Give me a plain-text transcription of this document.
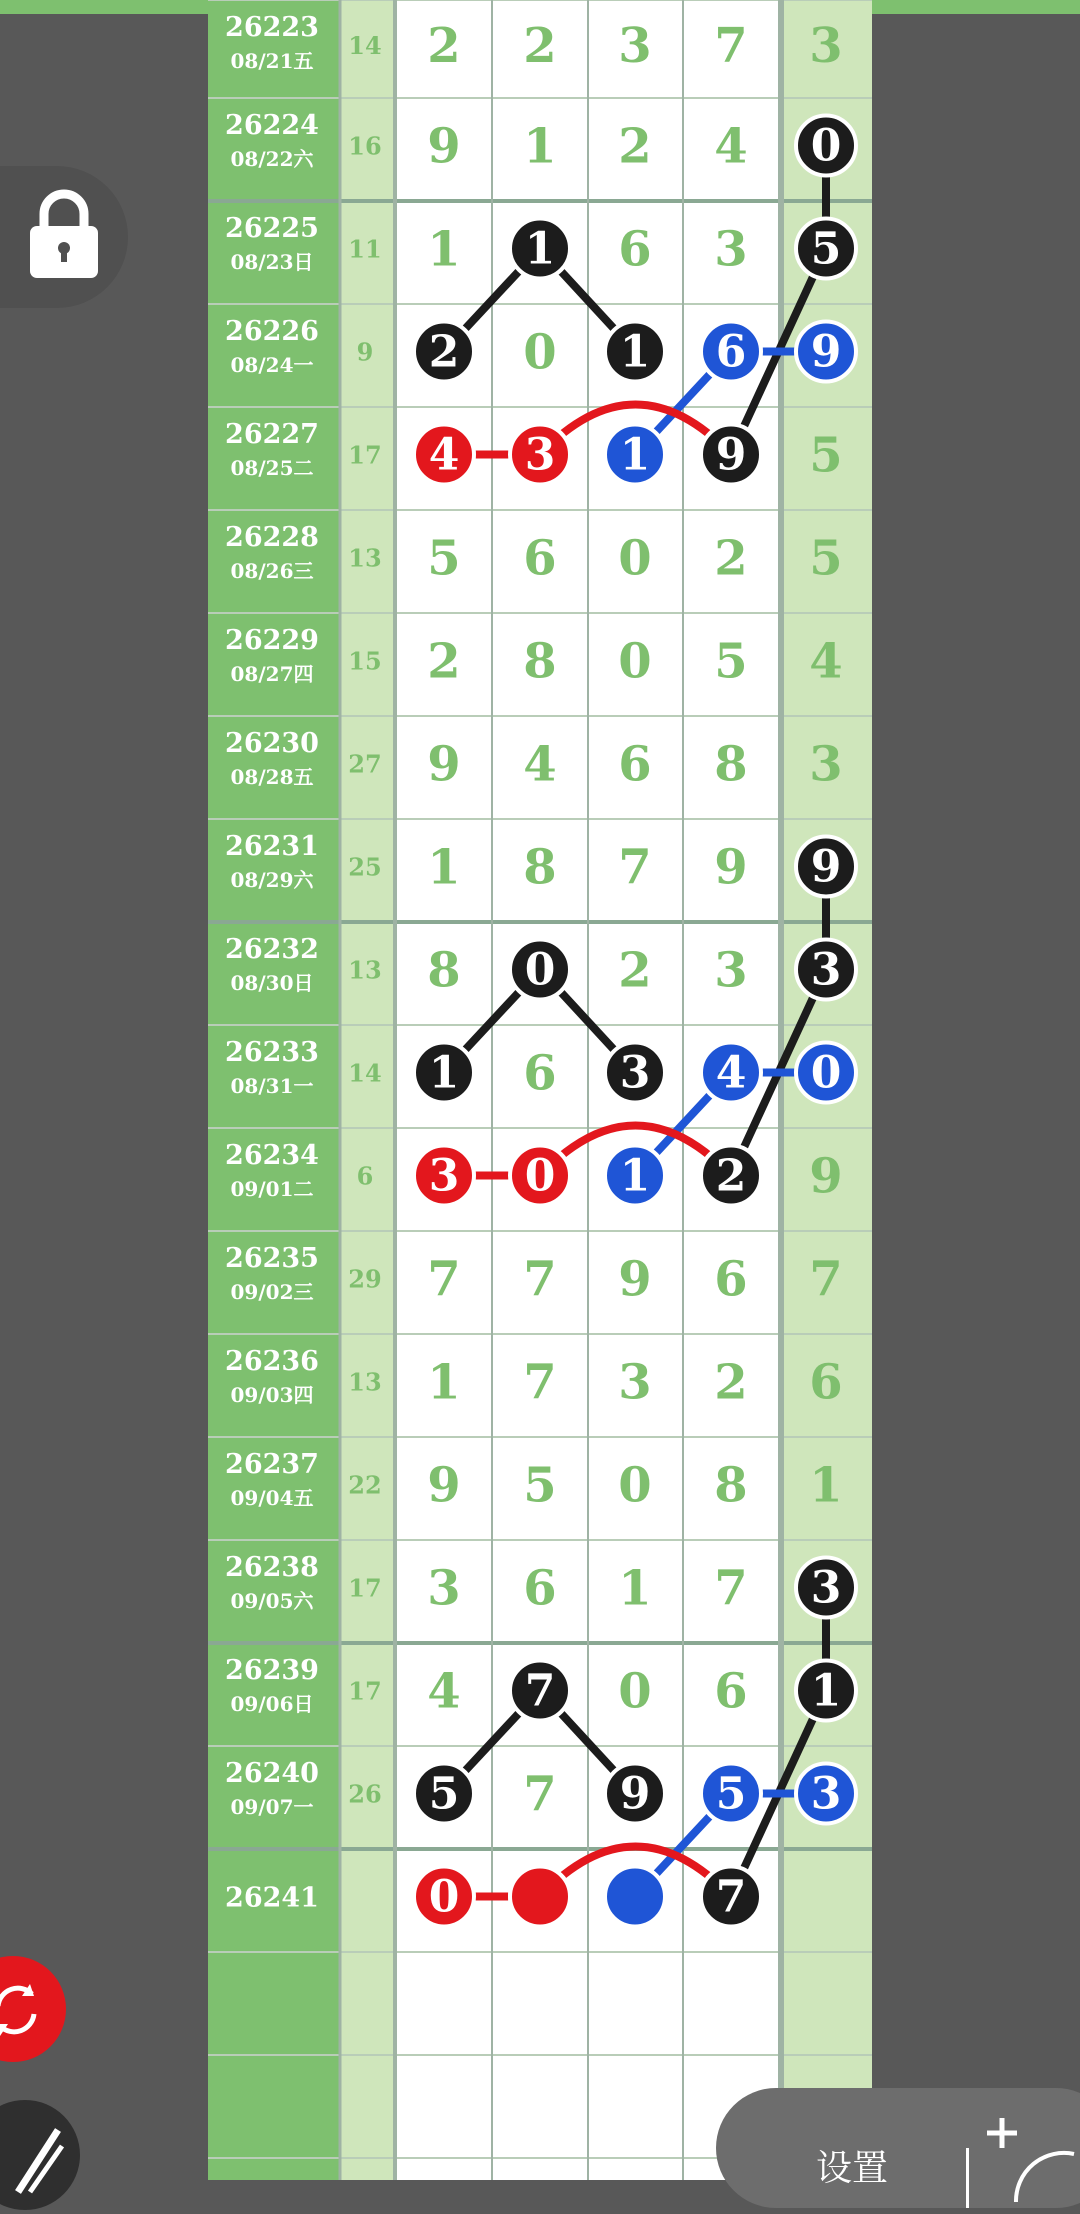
26223
08/21五
14 2 2 3 7 3
26224
08/22六 16 9 1 2 4 0
26225
08/23日 11 1 1 6 3 5
26226
08/24一 9 2 0 1 6 9
26227
08/25二 17 4 3 1 9 5
26228
08/26三 13 5 6 0 2 5
26229
08/27四 15 2 8 0 5 4
26230
08/28五 27 9 4 6 8 3
26231
08/29六 25 1 8 7 9 9
26232
08/30日 13 8 0 2 3 3
26233
08/31一 14 1 6 3 4 0
26234
09/01二 6 3 0 1 2 9
26235
09/02三 29 7 7 9 6 7
26236
09/03四 13 1 7 3 2 6
26237
09/04五 22 9 5 0 8 1
26238
09/05六 17 3 6 1 7 3
26239
09/06日 17 4 7 0 6 1
26240
09/07一 26 5 7 9 5 3
26241 0	7
设置
